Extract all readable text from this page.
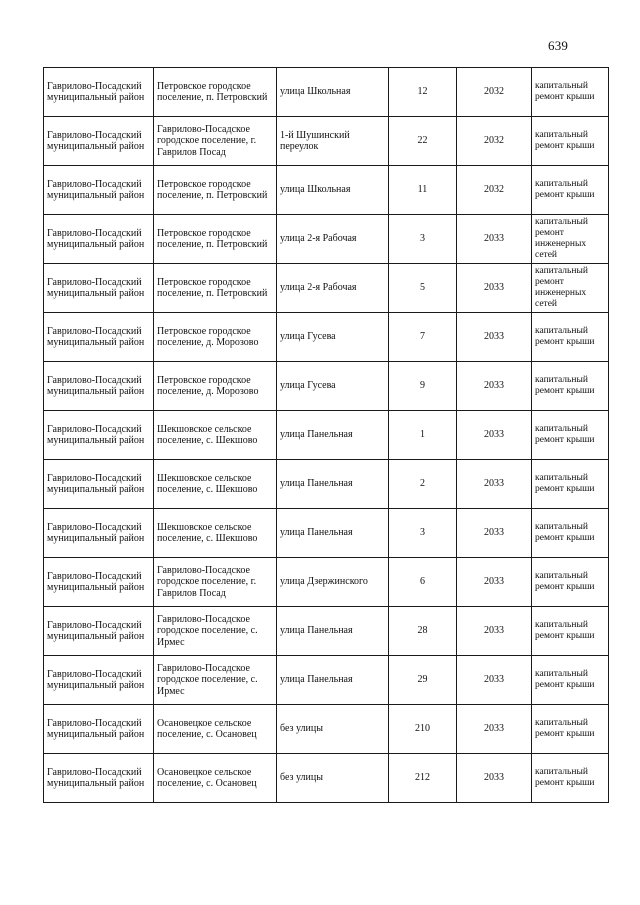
639
Гаврилово-Посадский муниципальный район	Петровское городское поселение, п. Петровский	улица Школьная	12	2032	капитальный ремонт крыши
Гаврилово-Посадский муниципальный район	Гаврилово-Посадское городское поселение, г. Гаврилов Посад	1-й Шушинский переулок	22	2032	капитальный ремонт крыши
Гаврилово-Посадский муниципальный район	Петровское городское поселение, п. Петровский	улица Школьная	11	2032	капитальный ремонт крыши
Гаврилово-Посадский муниципальный район	Петровское городское поселение, п. Петровский	улица 2-я Рабочая	3	2033	капитальный ремонт инженерных сетей
Гаврилово-Посадский муниципальный район	Петровское городское поселение, п. Петровский	улица 2-я Рабочая	5	2033	капитальный ремонт инженерных сетей
Гаврилово-Посадский муниципальный район	Петровское городское поселение, д. Морозово	улица Гусева	7	2033	капитальный ремонт крыши
Гаврилово-Посадский муниципальный район	Петровское городское поселение, д. Морозово	улица Гусева	9	2033	капитальный ремонт крыши
Гаврилово-Посадский муниципальный район	Шекшовское сельское поселение, с. Шекшово	улица Панельная	1	2033	капитальный ремонт крыши
Гаврилово-Посадский муниципальный район	Шекшовское сельское поселение, с. Шекшово	улица Панельная	2	2033	капитальный ремонт крыши
Гаврилово-Посадский муниципальный район	Шекшовское сельское поселение, с. Шекшово	улица Панельная	3	2033	капитальный ремонт крыши
Гаврилово-Посадский муниципальный район	Гаврилово-Посадское городское поселение, г. Гаврилов Посад	улица Дзержинского	6	2033	капитальный ремонт крыши
Гаврилово-Посадский муниципальный район	Гаврилово-Посадское городское поселение, с. Ирмес	улица Панельная	28	2033	капитальный ремонт крыши
Гаврилово-Посадский муниципальный район	Гаврилово-Посадское городское поселение, с. Ирмес	улица Панельная	29	2033	капитальный ремонт крыши
Гаврилово-Посадский муниципальный район	Осановецкое сельское поселение, с. Осановец	без улицы	210	2033	капитальный ремонт крыши
Гаврилово-Посадский муниципальный район	Осановецкое сельское поселение, с. Осановец	без улицы	212	2033	капитальный ремонт крыши
